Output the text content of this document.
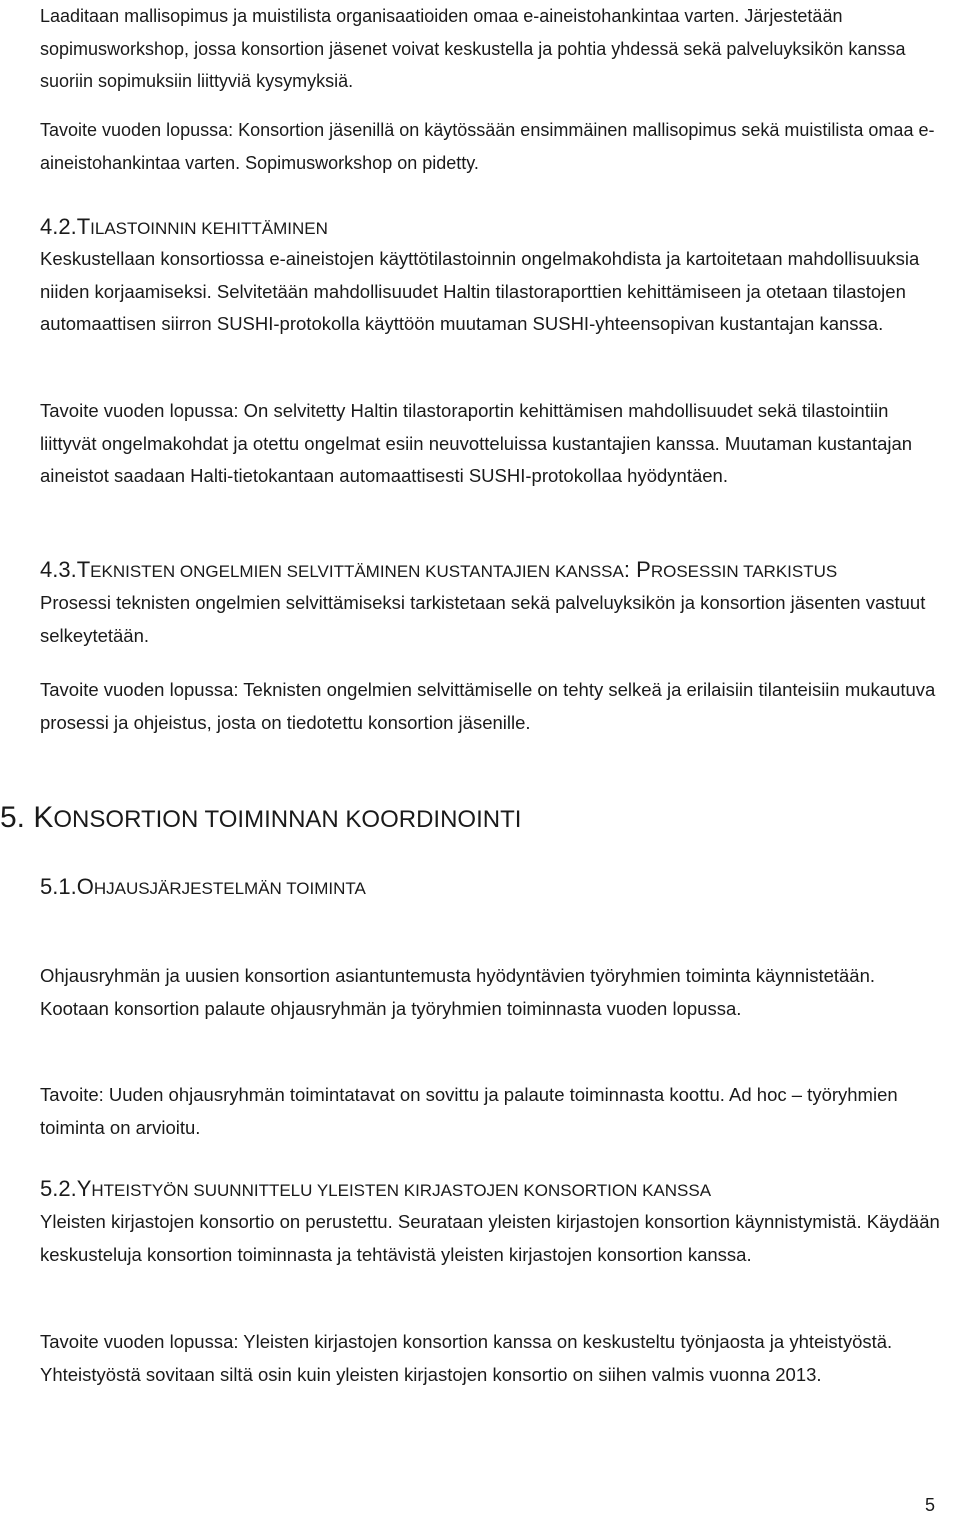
Laaditaan mallisopimus ja muistilista organisaatioiden omaa e-aineistohankintaa varten. Järjestetään sopimusworkshop, jossa konsortion jäsenet voivat keskustella ja pohtia yhdessä sekä palveluyksikön kanssa suoriin sopimuksiin liittyviä kysymyksiä.

Tavoite vuoden lopussa: Konsortion jäsenillä on käytössään ensimmäinen mallisopimus sekä muistilista omaa e-aineistohankintaa varten. Sopimusworkshop on pidetty.

4.2.TILASTOINNIN KEHITTÄMINEN

Keskustellaan konsortiossa e-aineistojen käyttötilastoinnin ongelmakohdista ja kartoitetaan mahdollisuuksia niiden korjaamiseksi. Selvitetään mahdollisuudet Haltin tilastoraporttien kehittämiseen ja otetaan tilastojen automaattisen siirron SUSHI-protokolla käyttöön muutaman SUSHI-yhteensopivan kustantajan kanssa.

Tavoite vuoden lopussa: On selvitetty Haltin tilastoraportin kehittämisen mahdollisuudet sekä tilastointiin liittyvät ongelmakohdat ja otettu ongelmat esiin neuvotteluissa kustantajien kanssa. Muutaman kustantajan aineistot saadaan Halti-tietokantaan automaattisesti SUSHI-protokollaa hyödyntäen.

4.3.TEKNISTEN ONGELMIEN SELVITTÄMINEN KUSTANTAJIEN KANSSA: PROSESSIN TARKISTUS

Prosessi teknisten ongelmien selvittämiseksi tarkistetaan sekä palveluyksikön ja konsortion jäsenten vastuut selkeytetään.

Tavoite vuoden lopussa: Teknisten ongelmien selvittämiselle on tehty selkeä ja erilaisiin tilanteisiin mukautuva prosessi ja ohjeistus, josta on tiedotettu konsortion jäsenille.

5. KONSORTION TOIMINNAN KOORDINOINTI
5.1.OHJAUSJÄRJESTELMÄN TOIMINTA

Ohjausryhmän ja uusien konsortion asiantuntemusta hyödyntävien työryhmien toiminta käynnistetään. Kootaan konsortion palaute ohjausryhmän ja työryhmien toiminnasta vuoden lopussa.

Tavoite: Uuden ohjausryhmän toimintatavat on sovittu ja palaute toiminnasta koottu. Ad hoc – työryhmien toiminta on arvioitu.

5.2.YHTEISTYÖN SUUNNITTELU YLEISTEN KIRJASTOJEN KONSORTION KANSSA

Yleisten kirjastojen konsortio on perustettu. Seurataan yleisten kirjastojen konsortion käynnistymistä. Käydään keskusteluja konsortion toiminnasta ja tehtävistä yleisten kirjastojen konsortion kanssa.

Tavoite vuoden lopussa: Yleisten kirjastojen konsortion kanssa on keskusteltu työnjaosta ja yhteistyöstä. Yhteistyöstä sovitaan siltä osin kuin yleisten kirjastojen konsortio on siihen valmis vuonna 2013.

5
